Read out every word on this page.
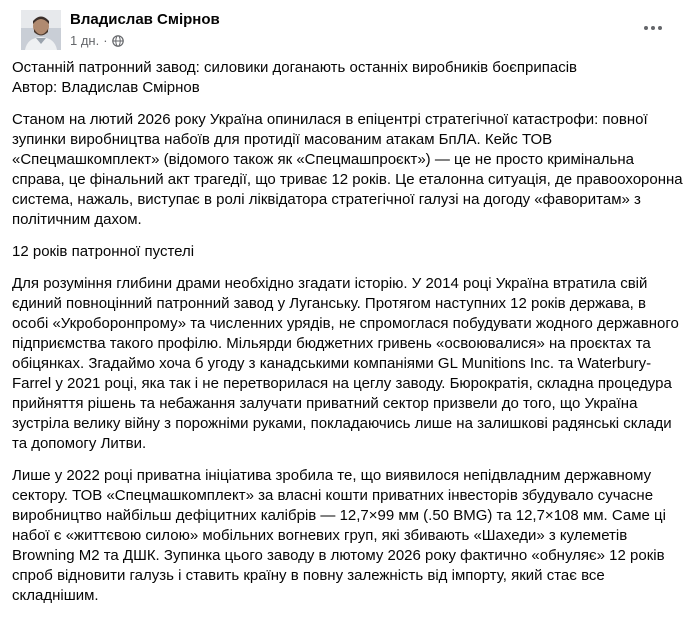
Владислав Смірнов
1 дн. ·

Останній патронний завод: силовики доганають останніх виробників боєприпасів
Автор: Владислав Смірнов

Станом на лютий 2026 року Україна опинилася в епіцентрі стратегічної катастрофи: повної зупинки виробництва набоїв для протидії масованим атакам БпЛА. Кейс ТОВ «Спецмашкомплект» (відомого також як «Спецмашпроєкт») — це не просто кримінальна справа, це фінальний акт трагедії, що триває 12 років. Це еталонна ситуація, де правоохоронна система, нажаль, виступає в ролі ліквідатора стратегічної галузі на догоду «фаворитам» з політичним дахом.

12 років патронної пустелі

Для розуміння глибини драми необхідно згадати історію. У 2014 році Україна втратила свій єдиний повноцінний патронний завод у Луганську. Протягом наступних 12 років держава, в особі «Укроборонпрому» та численних урядів, не спромоглася побудувати жодного державного підприємства такого профілю. Мільярди бюджетних гривень «освоювалися» на проєктах та обіцянках. Згадаймо хоча б угоду з канадськими компаніями GL Munitions Inc. та Waterbury-Farrel у 2021 році, яка так і не перетворилася на цеглу заводу. Бюрократія, складна процедура прийняття рішень та небажання залучати приватний сектор призвели до того, що Україна зустріла велику війну з порожніми руками, покладаючись лише на залишкові радянські склади та допомогу Литви.

Лише у 2022 році приватна ініціатива зробила те, що виявилося непідвладним державному сектору. ТОВ «Спецмашкомплект» за власні кошти приватних інвесторів збудувало сучасне виробництво найбільш дефіцитних калібрів — 12,7×99 мм (.50 BMG) та 12,7×108 мм. Саме ці набої є «життєвою силою» мобільних вогневих груп, які збивають «Шахеди» з кулеметів Browning M2 та ДШК. Зупинка цього заводу в лютому 2026 року фактично «обнуляє» 12 років спроб відновити галузь і ставить країну в повну залежність від імпорту, який стає все складнішим.
